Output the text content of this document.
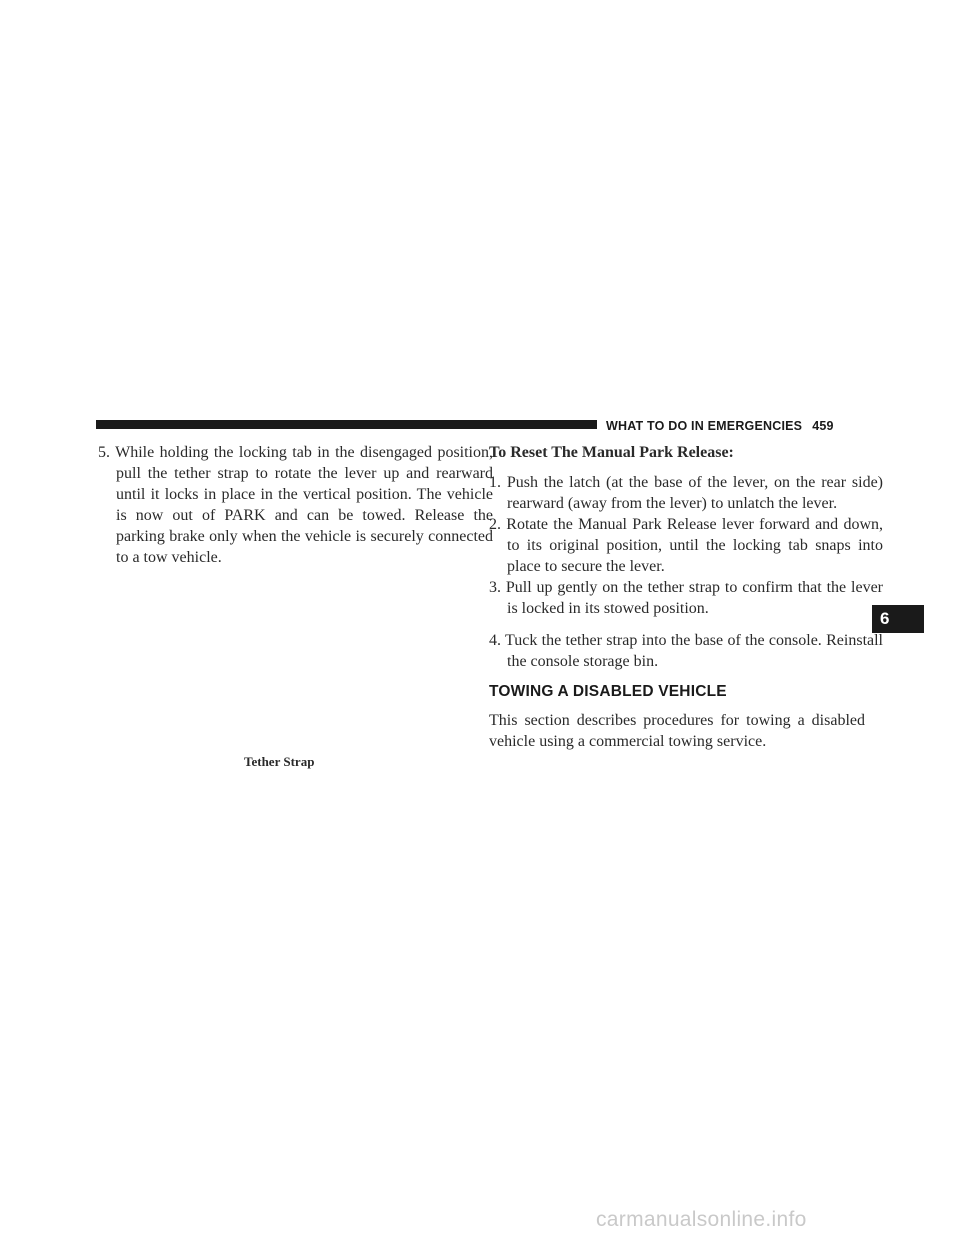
WHAT TO DO IN EMERGENCIES 459
6
5. While holding the locking tab in the disengaged position, pull the tether strap to rotate the lever up and rearward until it locks in place in the vertical position. The vehicle is now out of PARK and can be towed. Release the parking brake only when the vehicle is securely connected to a tow vehicle.
Tether Strap
To Reset The Manual Park Release:
1. Push the latch (at the base of the lever, on the rear side) rearward (away from the lever) to unlatch the lever.
2. Rotate the Manual Park Release lever forward and down, to its original position, until the locking tab snaps into place to secure the lever.
3. Pull up gently on the tether strap to confirm that the lever is locked in its stowed position.
4. Tuck the tether strap into the base of the console. Reinstall the console storage bin.
TOWING A DISABLED VEHICLE
This section describes procedures for towing a disabled vehicle using a commercial towing service.
carmanualsonline.info
